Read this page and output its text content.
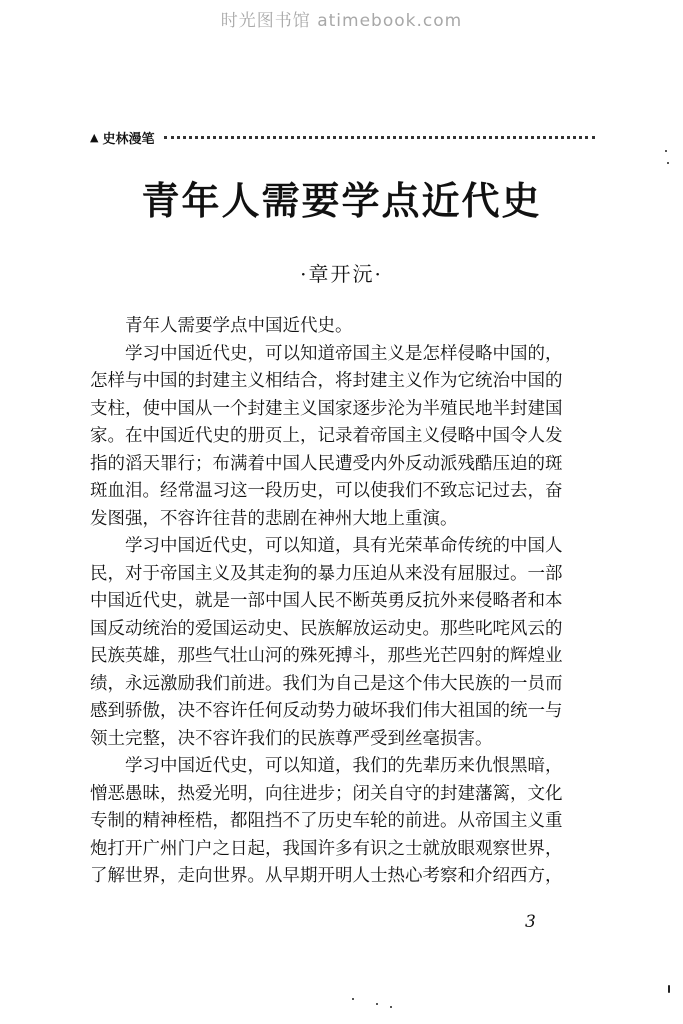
时光图书馆 atimebook.com
▲ 史林漫笔
青年人需要学点近代史
·章开沅·
　　青年人需要学点中国近代史。
　　学习中国近代史，可以知道帝国主义是怎样侵略中国的，
怎样与中国的封建主义相结合，将封建主义作为它统治中国的
支柱，使中国从一个封建主义国家逐步沦为半殖民地半封建国
家。在中国近代史的册页上，记录着帝国主义侵略中国令人发
指的滔天罪行；布满着中国人民遭受内外反动派残酷压迫的斑
斑血泪。经常温习这一段历史，可以使我们不致忘记过去，奋
发图强，不容许往昔的悲剧在神州大地上重演。
　　学习中国近代史，可以知道，具有光荣革命传统的中国人
民，对于帝国主义及其走狗的暴力压迫从来没有屈服过。一部
中国近代史，就是一部中国人民不断英勇反抗外来侵略者和本
国反动统治的爱国运动史、民族解放运动史。那些叱咤风云的
民族英雄，那些气壮山河的殊死搏斗，那些光芒四射的辉煌业
绩，永远激励我们前进。我们为自己是这个伟大民族的一员而
感到骄傲，决不容许任何反动势力破坏我们伟大祖国的统一与
领土完整，决不容许我们的民族尊严受到丝毫损害。
　　学习中国近代史，可以知道，我们的先辈历来仇恨黑暗，
憎恶愚昧，热爱光明，向往进步；闭关自守的封建藩篱，文化
专制的精神桎梏，都阻挡不了历史车轮的前进。从帝国主义重
炮打开广州门户之日起，我国许多有识之士就放眼观察世界，
了解世界，走向世界。从早期开明人士热心考察和介绍西方，
3
